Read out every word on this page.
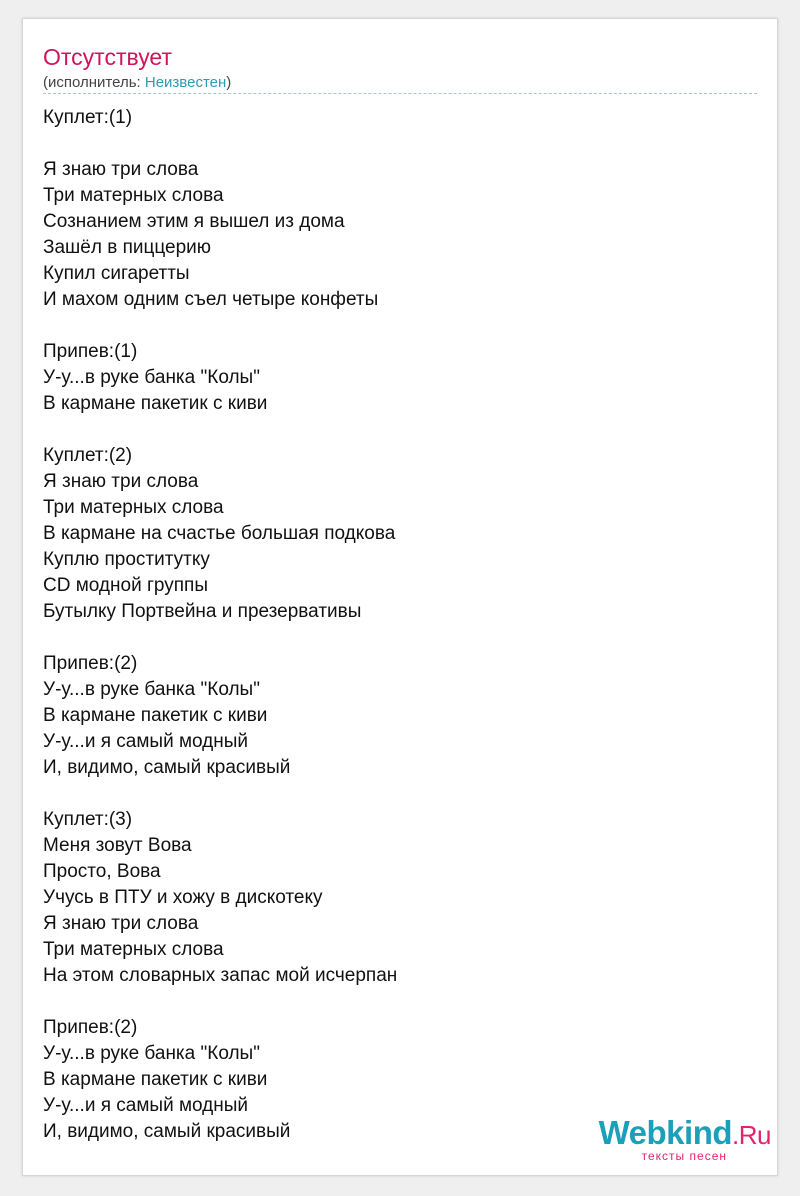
Отсутствует
(исполнитель: Неизвестен)
Куплет:(1)
Я знаю три слова
Три матерных слова
Сознанием этим я вышел из дома
Зашёл в пиццерию
Купил сигаретты
И махом одним съел четыре конфеты
Припев:(1)
У-у...в руке банка "Колы"
В кармане пакетик с киви
Куплет:(2)
Я знаю три слова
Три матерных слова
В кармане на счастье большая подкова
Куплю проститутку
CD модной группы
Бутылку Портвейна и презервативы
Припев:(2)
У-у...в руке банка "Колы"
В кармане пакетик с киви
У-у...и я самый модный
И, видимо, самый красивый
Куплет:(3)
Меня зовут Вова
Просто, Вова
Учусь в ПТУ и хожу в дискотеку
Я знаю три слова
Три матерных слова
На этом словарных запас мой исчерпан
Припев:(2)
У-у...в руке банка "Колы"
В кармане пакетик с киви
У-у...и я самый модный
И, видимо, самый красивый	Webkind.Ru
тексты песен
